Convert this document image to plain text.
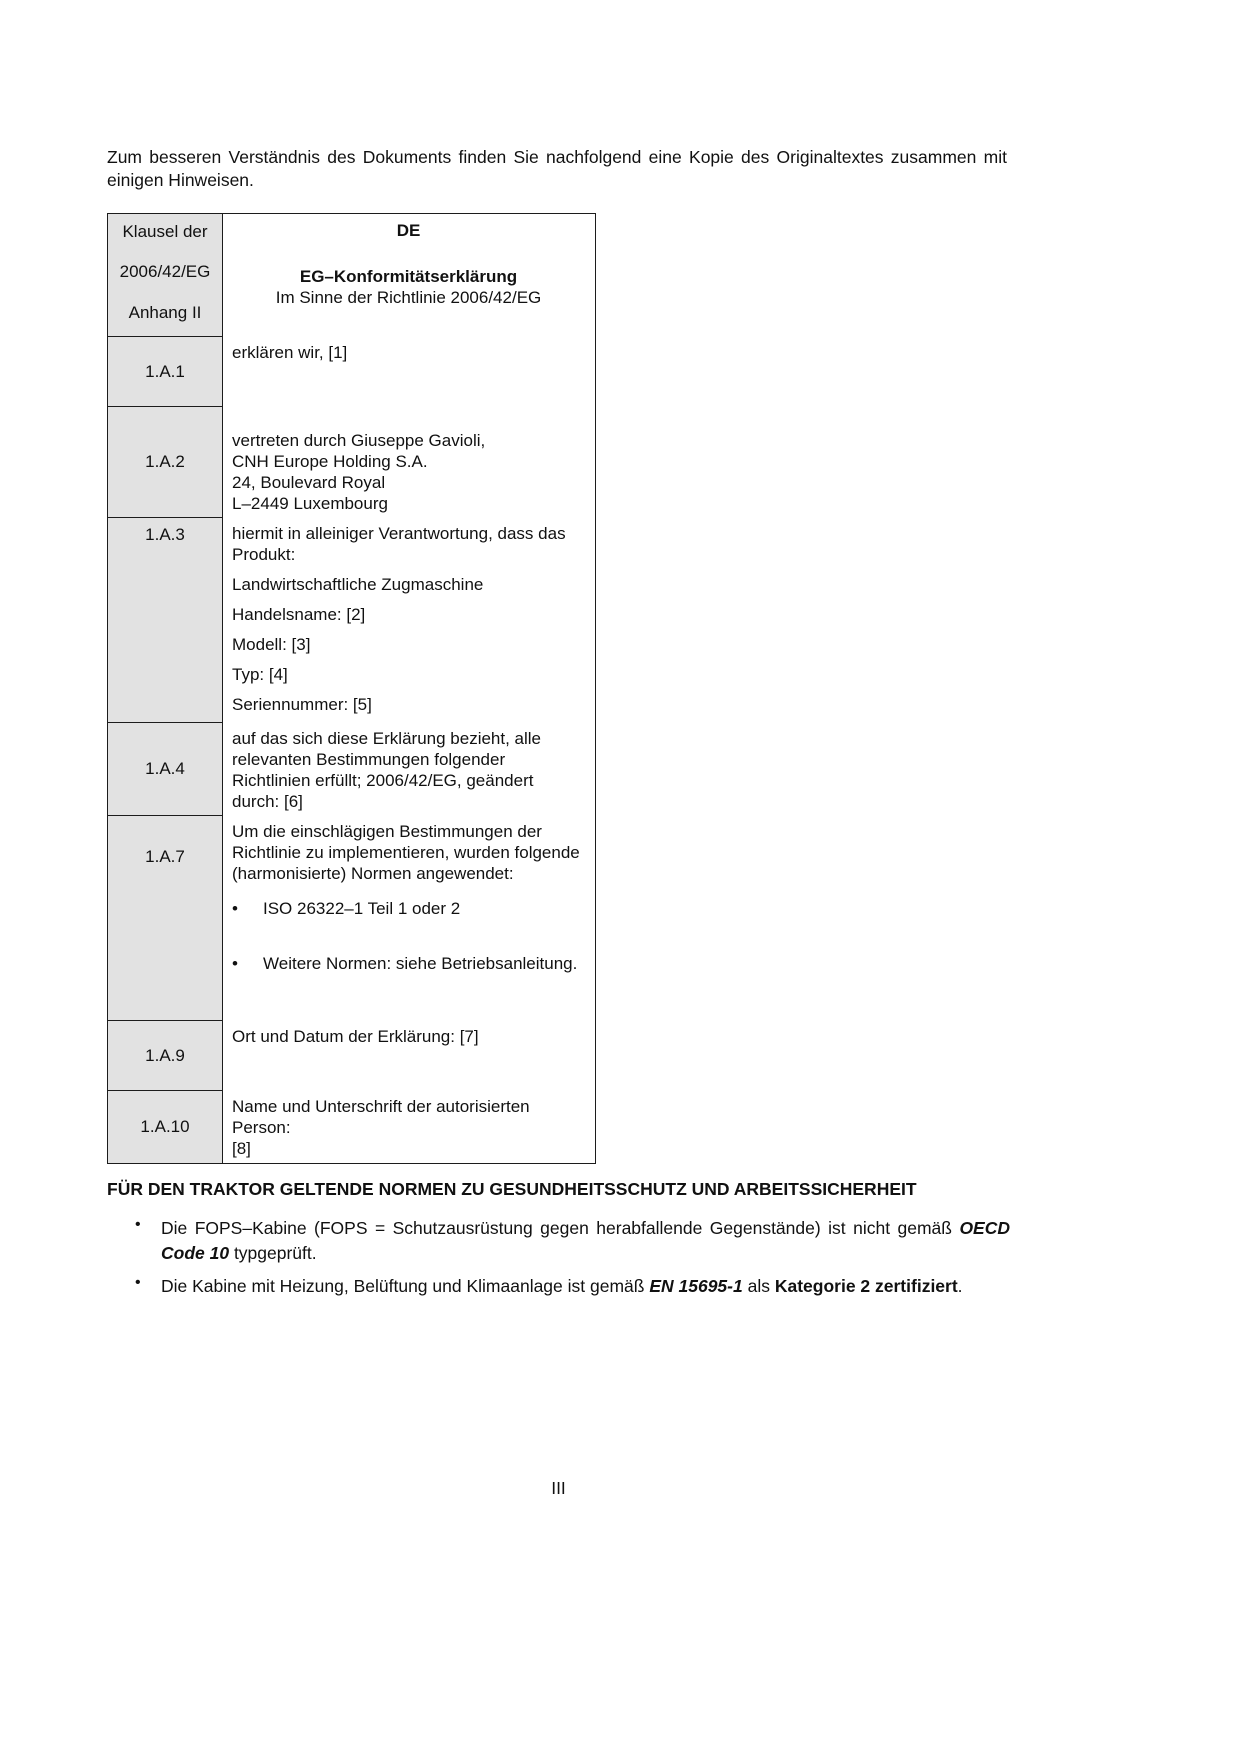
Zum besseren Verständnis des Dokuments finden Sie nachfolgend eine Kopie des Originaltextes zusammen mit einigen Hinweisen.

Klausel der
2006/42/EG
Anhang II
DE
EG–Konformitätserklärung
Im Sinne der Richtlinie 2006/42/EG
1.A.1

erklären wir, [1]

1.A.2
vertreten durch Giuseppe Gavioli,
CNH Europe Holding S.A.
24, Boulevard Royal
L–2449 Luxembourg
1.A.3	hiermit in alleiniger Verantwortung, dass das Produkt:

Landwirtschaftliche Zugmaschine

Handelsname: [2]

Modell: [3]

Typ: [4]

Seriennummer: [5]

1.A.4

auf das sich diese Erklärung bezieht, alle relevanten Bestimmungen folgender Richtlinien erfüllt; 2006/42/EG, geändert durch: [6]

1.A.7

Um die einschlägigen Bestimmungen der Richtlinie zu implementieren, wurden folgende (harmonisierte) Normen angewendet:

•
ISO 26322–1 Teil 1 oder 2
•
Weitere Normen: siehe Betriebsanleitung.
1.A.9

Ort und Datum der Erklärung: [7]

1.A.10
Name und Unterschrift der autorisierten Person:
[8]
FÜR DEN TRAKTOR GELTENDE NORMEN ZU GESUNDHEITSSCHUTZ UND ARBEITSSICHERHEIT
•

Die FOPS–Kabine (FOPS = Schutzausrüstung gegen herabfallende Gegenstände) ist nicht gemäß OECD Code 10 typgeprüft.

•

Die Kabine mit Heizung, Belüftung und Klimaanlage ist gemäß EN 15695-1 als Kategorie 2 zertifiziert.

III
